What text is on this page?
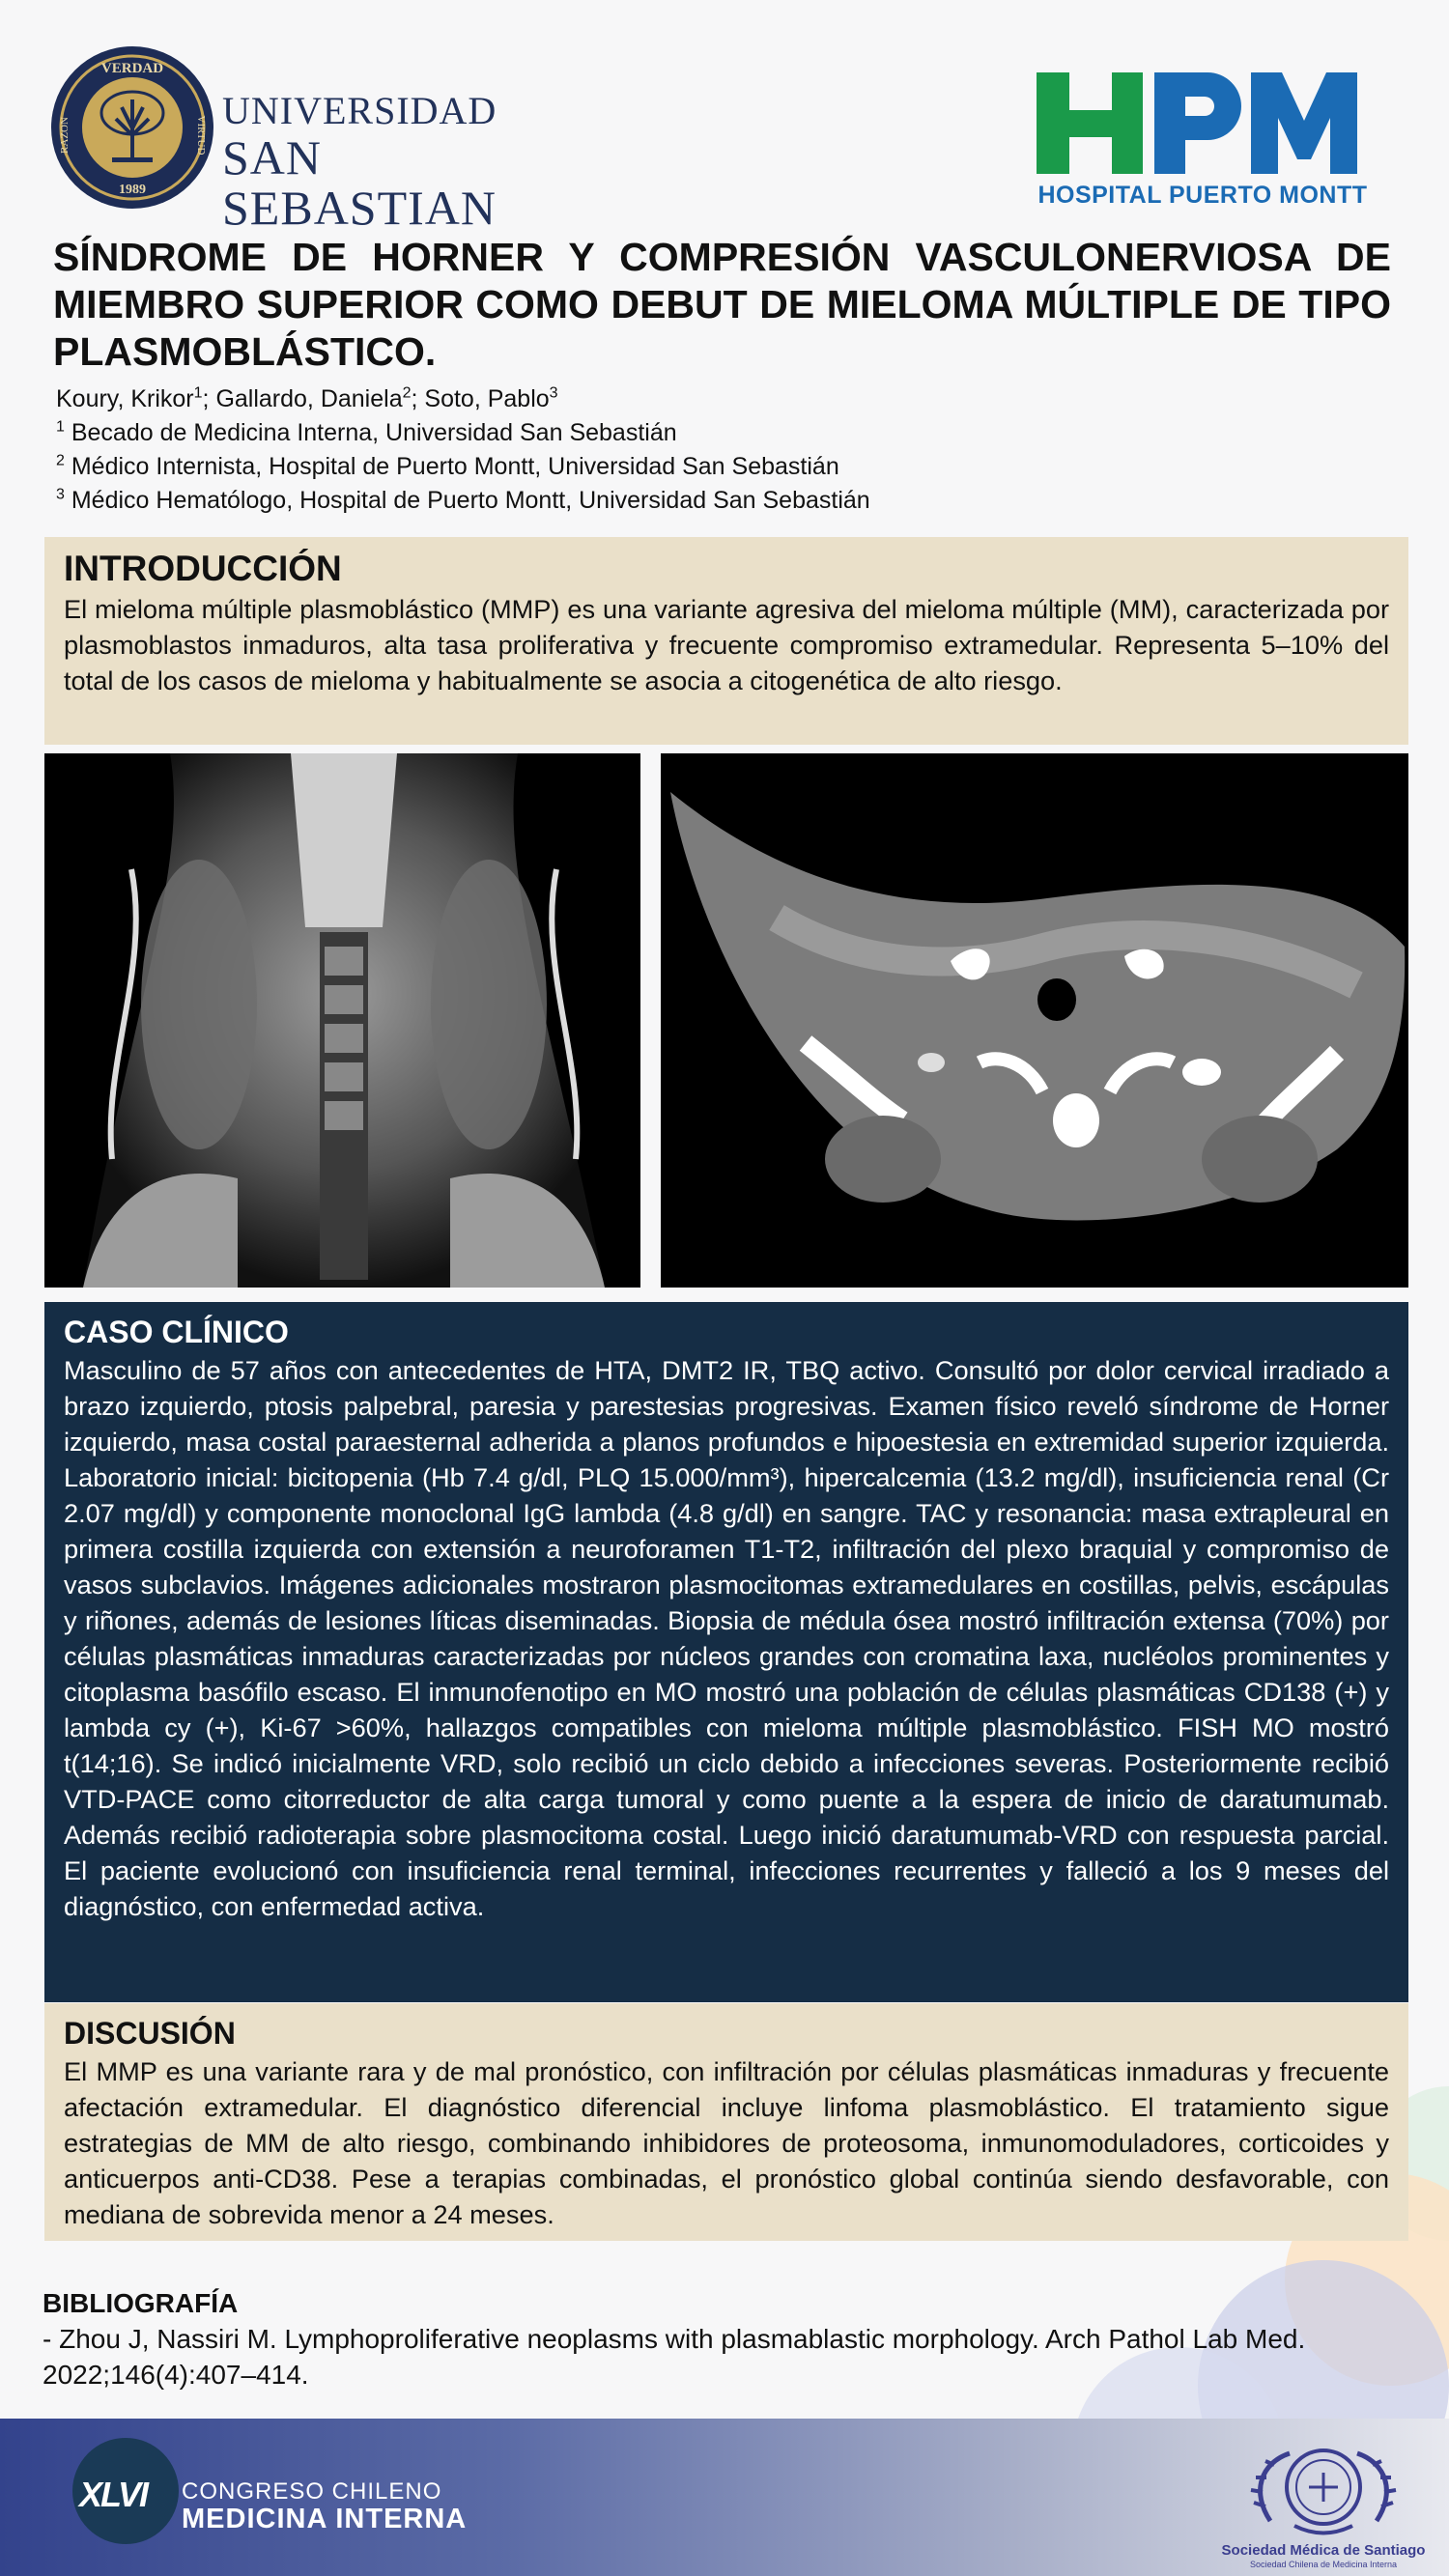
VERDAD
RAZON	VIRTUD
1989
UNIVERSIDAD
SAN SEBASTIAN
HPM
HOSPITAL PUERTO MONTT
SÍNDROME DE HORNER Y COMPRESIÓN VASCULONERVIOSA DE MIEMBRO SUPERIOR COMO DEBUT DE MIELOMA MÚLTIPLE DE TIPO PLASMOBLÁSTICO.
Koury, Krikor$^1$; Gallardo, Daniela$^2$; Soto, Pablo$^3$
$^1$ Becado de Medicina Interna, Universidad San Sebastián
$^2$ Médico Internista, Hospital de Puerto Montt, Universidad San Sebastián
$^3$ Médico Hematólogo, Hospital de Puerto Montt, Universidad San Sebastián
INTRODUCCIÓN
El mieloma múltiple plasmoblástico (MMP) es una variante agresiva del mieloma múltiple (MM), caracterizada por plasmoblastos inmaduros, alta tasa proliferativa y frecuente compromiso extramedular. Representa 5–10% del total de los casos de mieloma y habitualmente se asocia a citogenética de alto riesgo.
CASO CLÍNICO
Masculino de 57 años con antecedentes de HTA, DMT2 IR, TBQ activo. Consultó por dolor cervical irradiado a brazo izquierdo, ptosis palpebral, paresia y parestesias progresivas. Examen físico reveló síndrome de Horner izquierdo, masa costal paraesternal adherida a planos profundos e hipoestesia en extremidad superior izquierda. Laboratorio inicial: bicitopenia (Hb 7.4 g/dl, PLQ 15.000/mm³), hipercalcemia (13.2 mg/dl), insuficiencia renal (Cr 2.07 mg/dl) y componente monoclonal IgG lambda (4.8 g/dl) en sangre. TAC y resonancia: masa extrapleural en primera costilla izquierda con extensión a neuroforamen T1-T2, infiltración del plexo braquial y compromiso de vasos subclavios. Imágenes adicionales mostraron plasmocitomas extramedulares en costillas, pelvis, escápulas y riñones, además de lesiones líticas diseminadas. Biopsia de médula ósea mostró infiltración extensa (70%) por células plasmáticas inmaduras caracterizadas por núcleos grandes con cromatina laxa, nucléolos prominentes y citoplasma basófilo escaso. El inmunofenotipo en MO mostró una población de células plasmáticas CD138 (+) y lambda cy (+), Ki-67 >60%, hallazgos compatibles con mieloma múltiple plasmoblástico. FISH MO mostró t(14;16). Se indicó inicialmente VRD, solo recibió un ciclo debido a infecciones severas. Posteriormente recibió VTD-PACE como citorreductor de alta carga tumoral y como puente a la espera de inicio de daratumumab. Además recibió radioterapia sobre plasmocitoma costal. Luego inició daratumumab-VRD con respuesta parcial. El paciente evolucionó con insuficiencia renal terminal, infecciones recurrentes y falleció a los 9 meses del diagnóstico, con enfermedad activa.
DISCUSIÓN
El MMP es una variante rara y de mal pronóstico, con infiltración por células plasmáticas inmaduras y frecuente afectación extramedular. El diagnóstico diferencial incluye linfoma plasmoblástico. El tratamiento sigue estrategias de MM de alto riesgo, combinando inhibidores de proteosoma, inmunomoduladores, corticoides y anticuerpos anti-CD38. Pese a terapias combinadas, el pronóstico global continúa siendo desfavorable, con mediana de sobrevida menor a 24 meses.
BIBLIOGRAFÍA
- Zhou J, Nassiri M. Lymphoproliferative neoplasms with plasmablastic morphology. Arch Pathol Lab Med. 2022;146(4):407–414.
XLVI CONGRESO CHILENO
MEDICINA INTERNA
Sociedad Médica de Santiago
Sociedad Chilena de Medicina Interna
